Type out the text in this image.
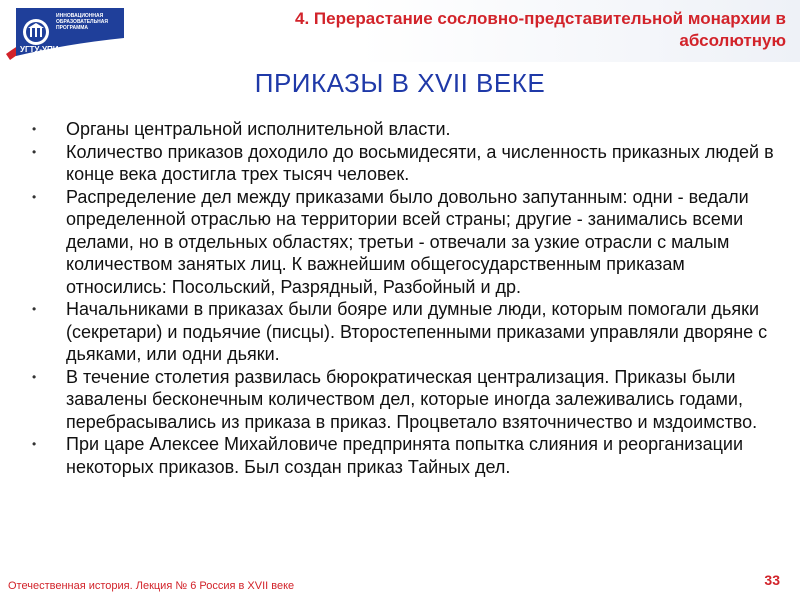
ИННОВАЦИОННАЯ
ОБРАЗОВАТЕЛЬНАЯ
ПРОГРАММА
УГТУ-УПИ
4. Перерастание сословно-представительной монархии в абсолютную
ПРИКАЗЫ В XVII ВЕКЕ
• Органы центральной исполнительной власти.
• Количество приказов доходило до восьмидесяти, а численность приказных людей в конце века достигла трех тысяч человек.
• Распределение дел между приказами было довольно запутанным: одни - ведали определенной отраслью на территории всей страны; другие - занимались всеми делами, но в отдельных областях; третьи - отвечали за узкие отрасли с малым количеством занятых лиц. К важнейшим общегосударственным приказам относились: Посольский, Разрядный, Разбойный и др.
• Начальниками в приказах были бояре или думные люди, которым помогали дьяки (секретари) и подьячие (писцы). Второстепенными приказами управляли дворяне с дьяками, или одни дьяки.
• В течение столетия развилась бюрократическая централизация. Приказы были завалены бесконечным количеством дел, которые иногда залеживались годами, перебрасывались из приказа в приказ. Процветало взяточничество и мздоимство.
• При царе Алексее Михайловиче предпринята попытка слияния и реорганизации некоторых приказов. Был создан приказ Тайных дел.
Отечественная история. Лекция № 6 Россия в XVII веке	33
